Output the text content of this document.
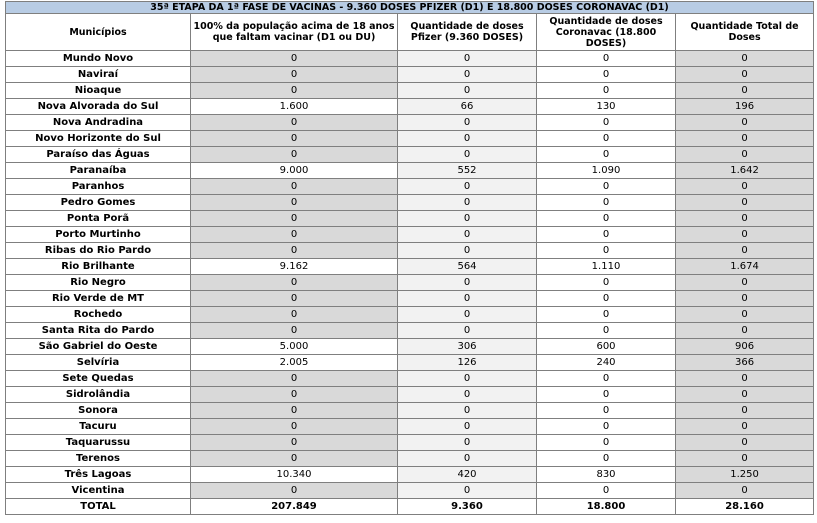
35ª ETAPA DA 1ª FASE DE VACINAS - 9.360 DOSES PFIZER (D1) E 18.800 DOSES CORONAVAC (D1)				
Municípios	100% da população acima de 18 anos que faltam vacinar (D1 ou DU)	Quantidade de doses Pfizer (9.360 DOSES)	Quantidade de doses Coronavac (18.800 DOSES)	Quantidade Total de Doses
Mundo Novo	0	0	0	0
Naviraí	0	0	0	0
Nioaque	0	0	0	0
Nova Alvorada do Sul	1.600	66	130	196
Nova Andradina	0	0	0	0
Novo Horizonte do Sul	0	0	0	0
Paraíso das Águas	0	0	0	0
Paranaíba	9.000	552	1.090	1.642
Paranhos	0	0	0	0
Pedro Gomes	0	0	0	0
Ponta Porã	0	0	0	0
Porto Murtinho	0	0	0	0
Ribas do Rio Pardo	0	0	0	0
Rio Brilhante	9.162	564	1.110	1.674
Rio Negro	0	0	0	0
Rio Verde de MT	0	0	0	0
Rochedo	0	0	0	0
Santa Rita do Pardo	0	0	0	0
São Gabriel do Oeste	5.000	306	600	906
Selvíria	2.005	126	240	366
Sete Quedas	0	0	0	0
Sidrolândia	0	0	0	0
Sonora	0	0	0	0
Tacuru	0	0	0	0
Taquarussu	0	0	0	0
Terenos	0	0	0	0
Três Lagoas	10.340	420	830	1.250
Vicentina	0	0	0	0
TOTAL	207.849	9.360	18.800	28.160
